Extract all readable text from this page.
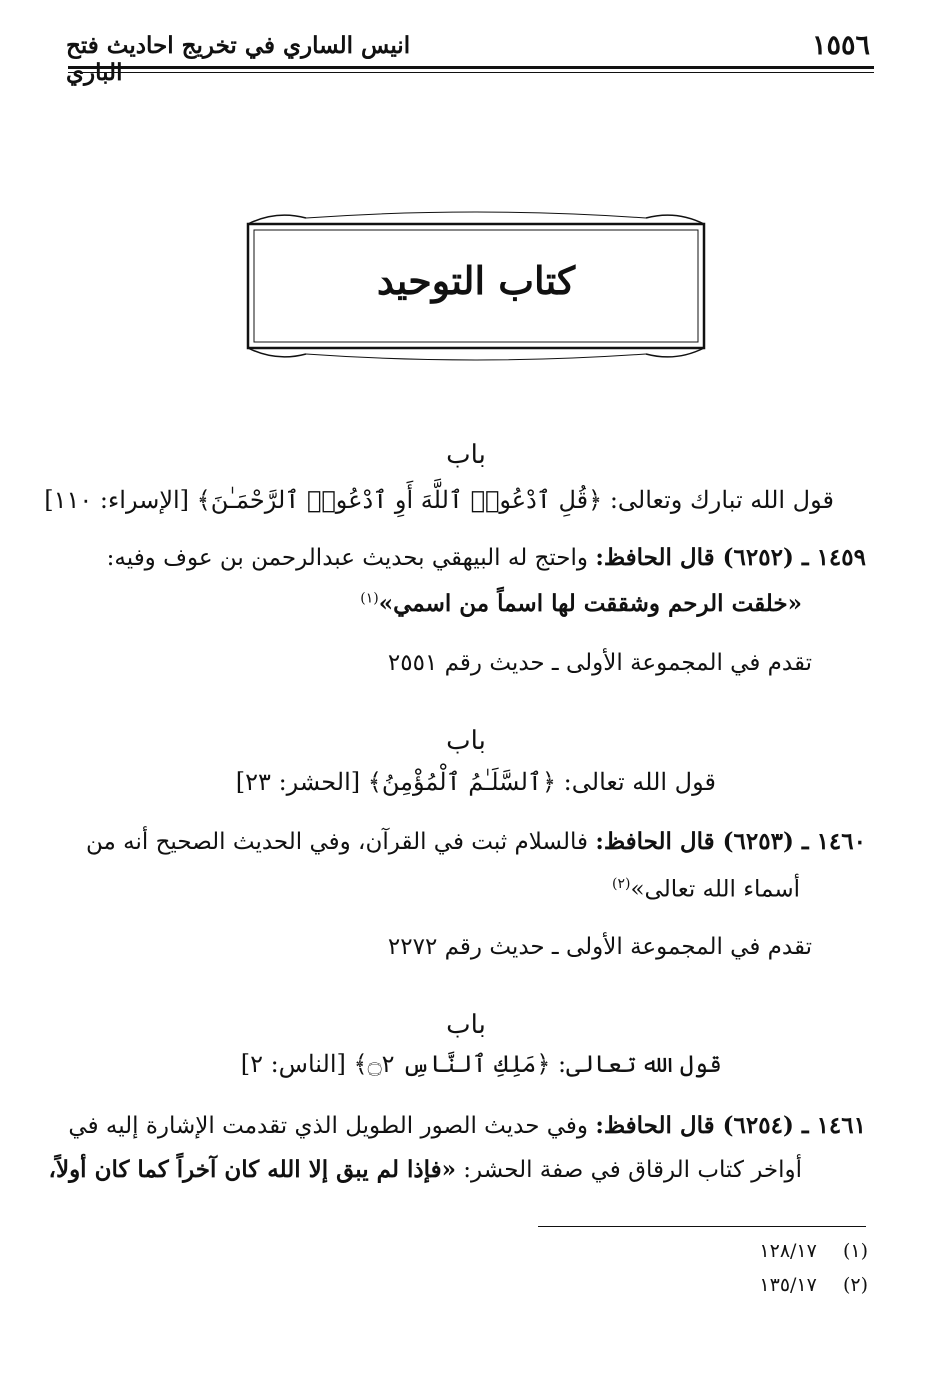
١٥٥٦
انيس الساري في تخريج احاديث فتح الباري
كتاب التوحيد
باب
قول الله تبارك وتعالى: ﴿قُلِ ٱدْعُوا۟ ٱللَّهَ أَوِ ٱدْعُوا۟ ٱلرَّحْمَـٰنَ﴾ [الإسراء: ١١٠]
١٤٥٩ ـ (٦٢٥٢) قال الحافظ: واحتج له البيهقي بحديث عبدالرحمن بن عوف وفيه:
«خلقت الرحم وشققت لها اسماً من اسمي»$^{(١)}$
تقدم في المجموعة الأولى ـ حديث رقم ٢٥٥١
باب
قول الله تعالى: ﴿ٱلسَّلَـٰمُ ٱلْمُؤْمِنُ﴾ [الحشر: ٢٣]
١٤٦٠ ـ (٦٢٥٣) قال الحافظ: فالسلام ثبت في القرآن، وفي الحديث الصحيح أنه من
أسماء الله تعالى»$^{(٢)}$
تقدم في المجموعة الأولى ـ حديث رقم ٢٢٧٢
باب
قول الله تعالى: ﴿مَلِكِ ٱلنَّاسِ ۝٢﴾ [الناس: ٢]
١٤٦١ ـ (٦٢٥٤) قال الحافظ: وفي حديث الصور الطويل الذي تقدمت الإشارة إليه في
أواخر كتاب الرقاق في صفة الحشر: «فإذا لم يبق إلا الله كان آخراً كما كان أولاً،
(١)  ١٢٨/١٧
(٢)  ١٣٥/١٧
